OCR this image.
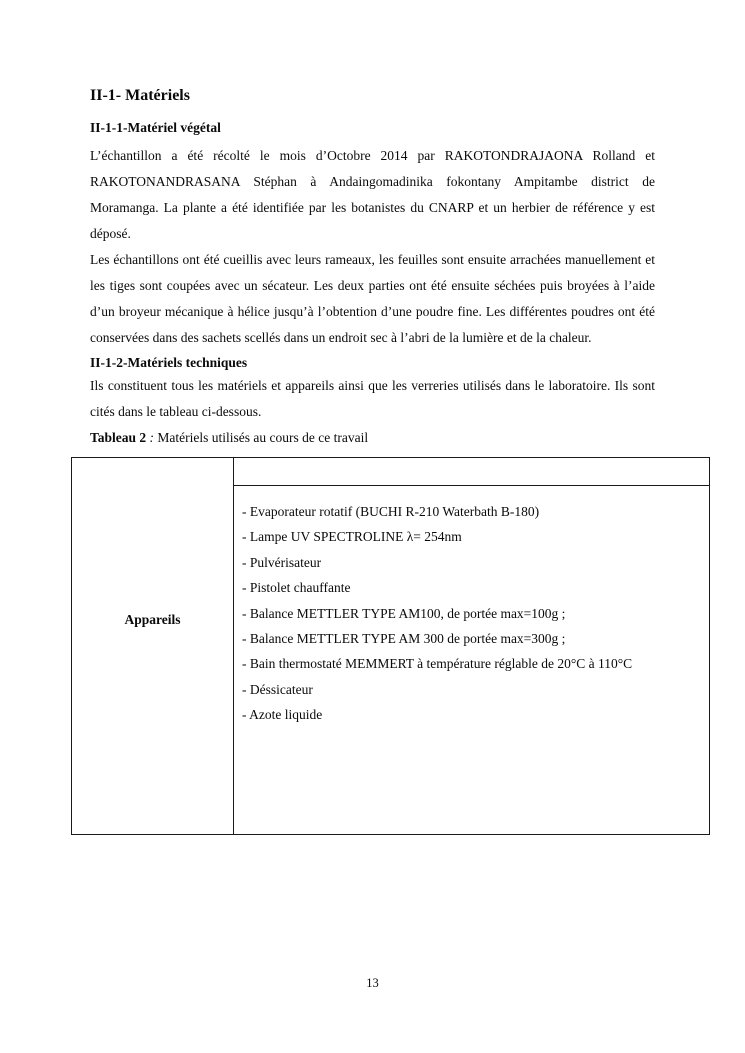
II-1- Matériels
II-1-1-Matériel végétal

L’échantillon a été récolté le mois d’Octobre 2014 par RAKOTONDRAJAONA Rolland et RAKOTONANDRASANA Stéphan à Andaingomadinika fokontany Ampitambe district de Moramanga. La plante a été identifiée par les botanistes du CNARP et un herbier de référence y est déposé.

Les échantillons ont été cueillis avec leurs rameaux, les feuilles sont ensuite arrachées manuellement et les tiges sont coupées avec un sécateur. Les deux parties ont été ensuite séchées puis broyées à l’aide d’un broyeur mécanique à hélice jusqu’à l’obtention d’une poudre fine. Les différentes poudres ont été conservées dans des sachets scellés dans un endroit sec à l’abri de la lumière et de la chaleur.

II-1-2-Matériels techniques

Ils constituent tous les matériels et appareils ainsi que les verreries utilisés dans le laboratoire. Ils sont cités dans le tableau ci-dessous.

Tableau 2 : Matériels utilisés au cours de ce travail

Appareils
- Evaporateur rotatif (BUCHI R-210 Waterbath B-180)
- Lampe UV SPECTROLINE λ= 254nm
- Pulvérisateur
- Pistolet chauffante
- Balance METTLER TYPE AM100, de portée max=100g ;
- Balance METTLER TYPE AM 300 de portée max=300g ;
- Bain thermostaté MEMMERT à température réglable de 20°C à 110°C
- Déssicateur
- Azote liquide
13
